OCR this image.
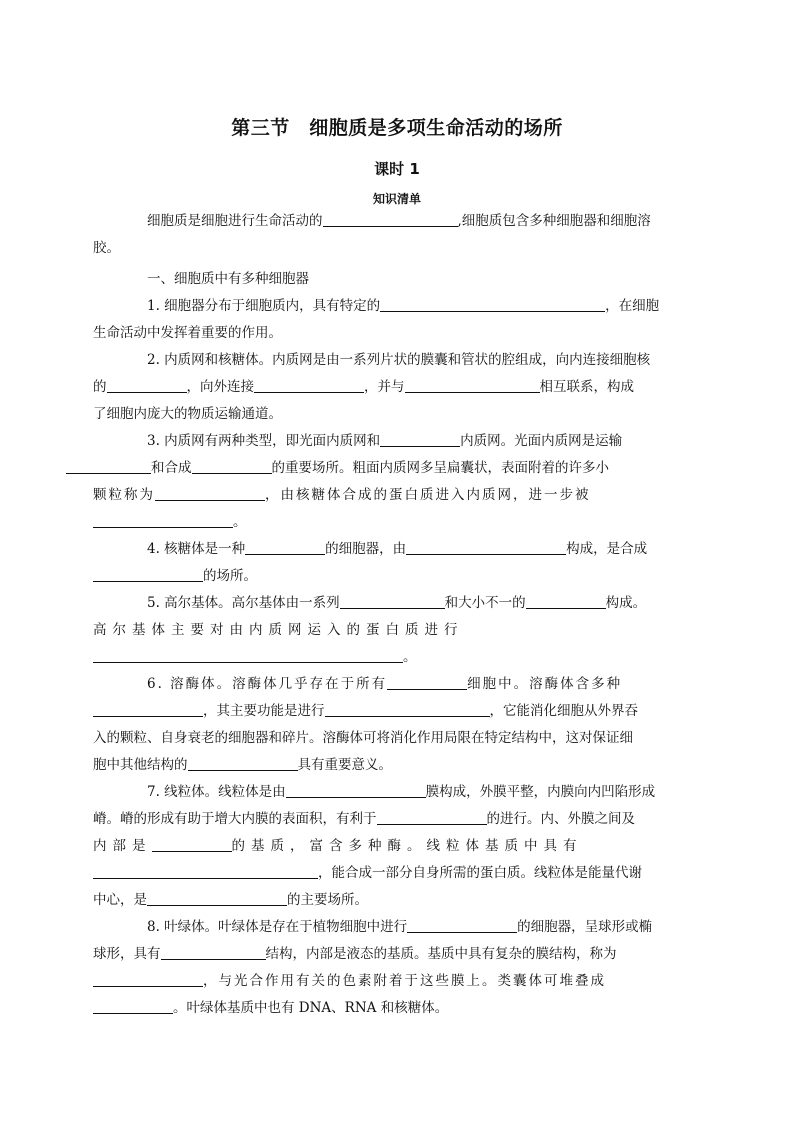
第三节　细胞质是多项生命活动的场所
课时 1
知识清单

细胞质是细胞进行生命活动的	,细胞质包含多种细胞器和细胞溶
胶。

一、细胞质中有多种细胞器

1. 细胞器分布于细胞质内，具有特定的	，在细胞
生命活动中发挥着重要的作用。

2. 内质网和核糖体。内质网是由一系列片状的膜囊和管状的腔组成，向内连接细胞核
的	，向外连接	，并与	相互联系，构成
了细胞内庞大的物质运输通道。

3. 内质网有两种类型，即光面内质网和	内质网。光面内质网是运输
和合成	的重要场所。粗面内质网多呈扁囊状，表面附着的许多小
颗粒称为	，由核糖体合成的蛋白质进入内质网，进一步被
。

4. 核糖体是一种	的细胞器，由	构成，是合成
的场所。

5. 高尔基体。高尔基体由一系列	和大小不一的	构成。
高尔基体主要对由内质网运入的蛋白质进行
。

6. 溶酶体。溶酶体几乎存在于所有	细胞中。溶酶体含多种
，其主要功能是进行	，它能消化细胞从外界吞
入的颗粒、自身衰老的细胞器和碎片。溶酶体可将消化作用局限在特定结构中，这对保证细
胞中其他结构的	具有重要意义。

7. 线粒体。线粒体是由	膜构成，外膜平整，内膜向内凹陷形成
嵴。嵴的形成有助于增大内膜的表面积，有利于	的进行。内、外膜之间及
内部是	的基质，富含多种酶。线粒体基质中具有
，能合成一部分自身所需的蛋白质。线粒体是能量代谢
中心，是	的主要场所。

8. 叶绿体。叶绿体是存在于植物细胞中进行	的细胞器，呈球形或椭
球形，具有	结构，内部是液态的基质。基质中具有复杂的膜结构，称为
，与光合作用有关的色素附着于这些膜上。类囊体可堆叠成
。叶绿体基质中也有 DNA、RNA 和核糖体。
